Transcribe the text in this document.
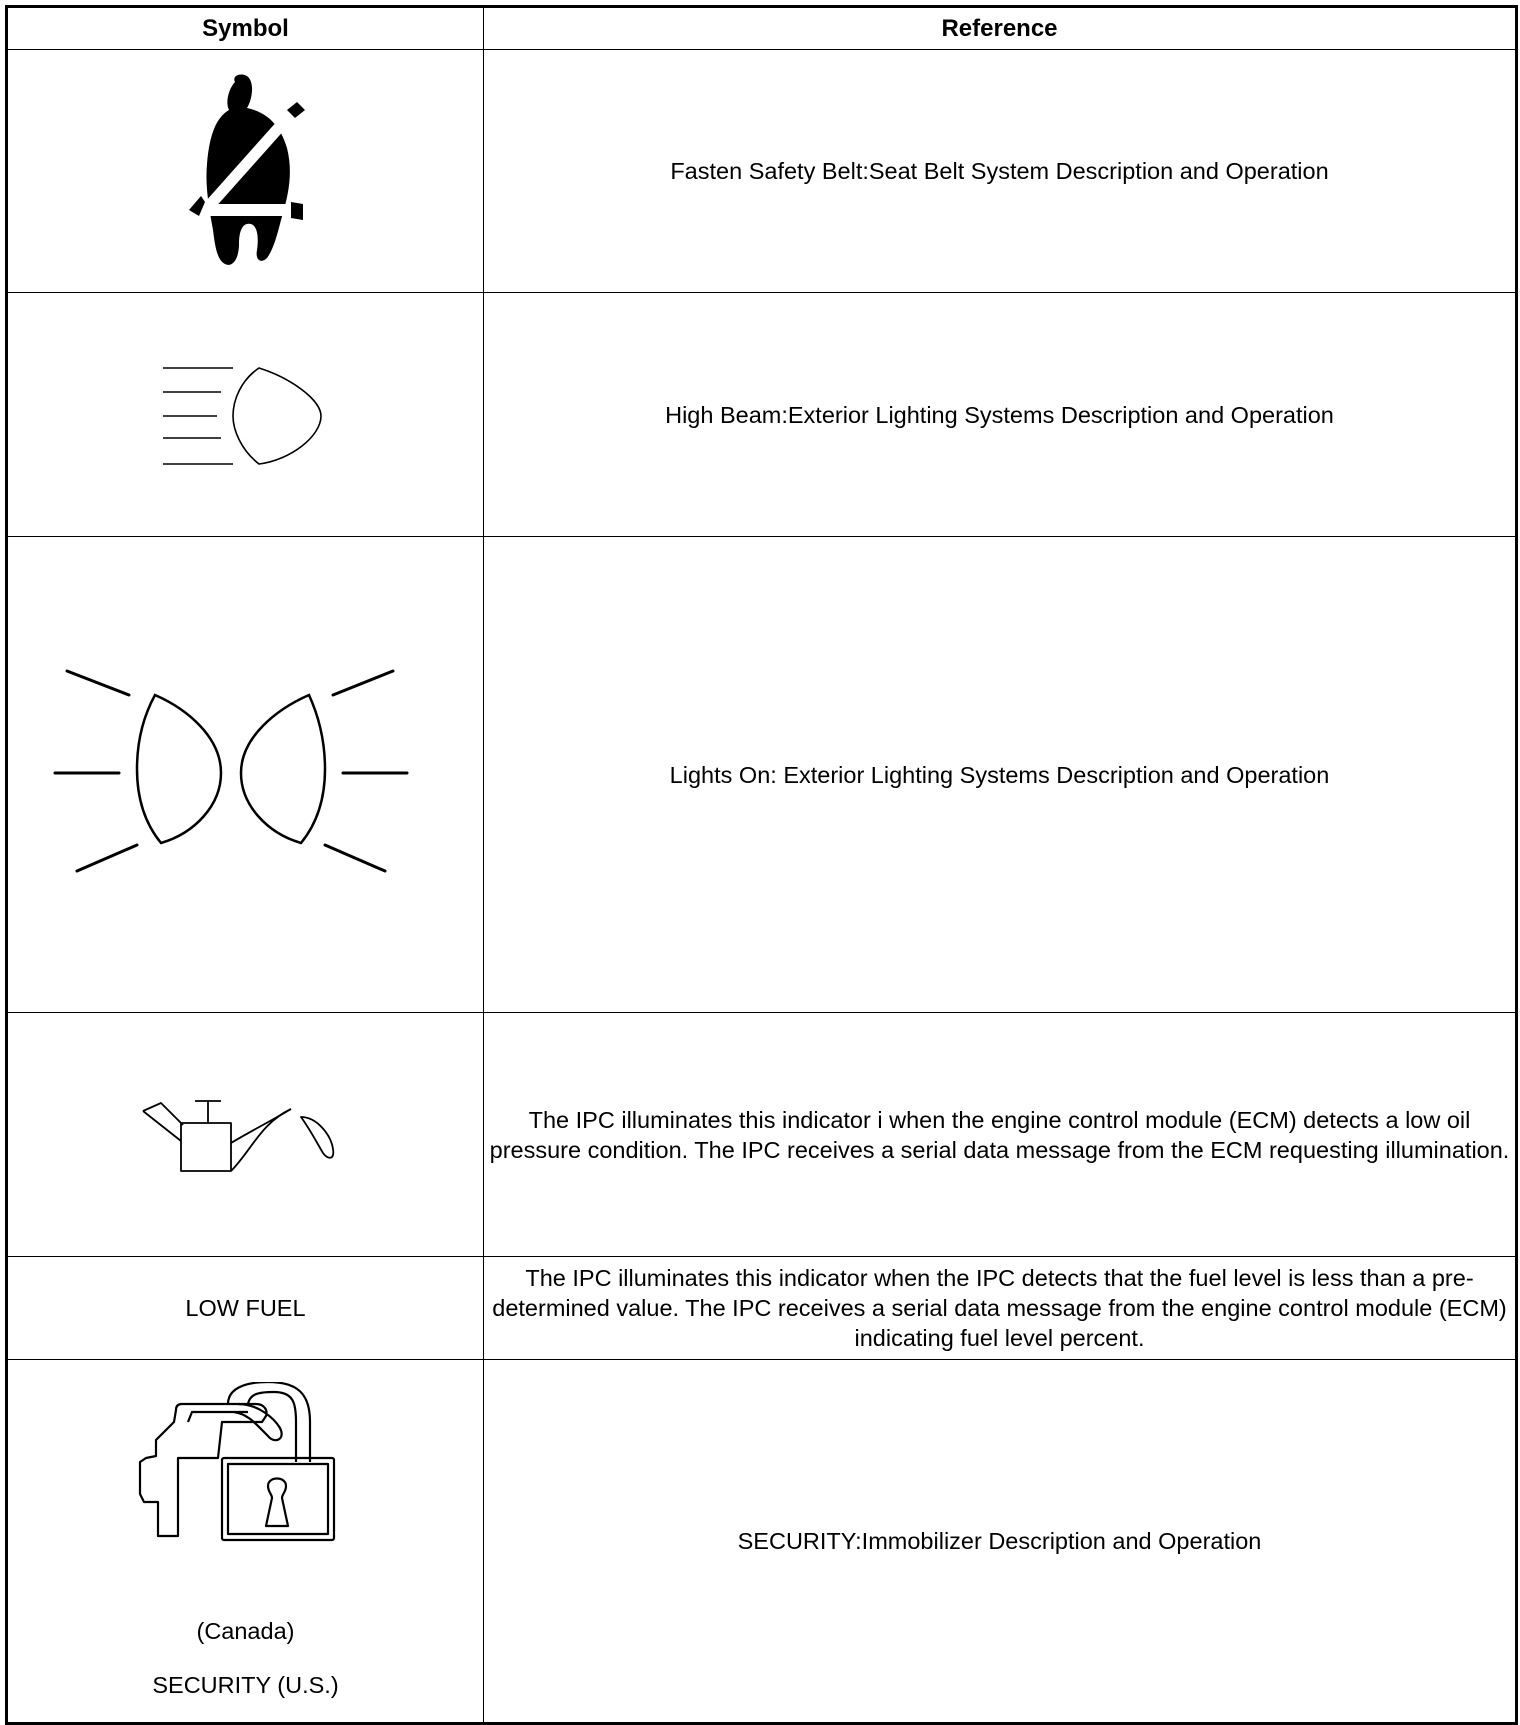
Symbol	Reference

	Fasten Safety Belt:Seat Belt System Description and Operation

	High Beam:Exterior Lighting Systems Description and Operation

	Lights On: Exterior Lighting Systems Description and Operation

	The IPC illuminates this indicator i when the engine control module (ECM) detects a low oil pressure condition. The IPC receives a serial data message from the ECM requesting illumination.
LOW FUEL	The IPC illuminates this indicator when the IPC detects that the fuel level is less than a pre-determined value. The IPC receives a serial data message from the engine control module (ECM) indicating fuel level percent.

(Canada)
SECURITY (U.S.)	SECURITY:Immobilizer Description and Operation
